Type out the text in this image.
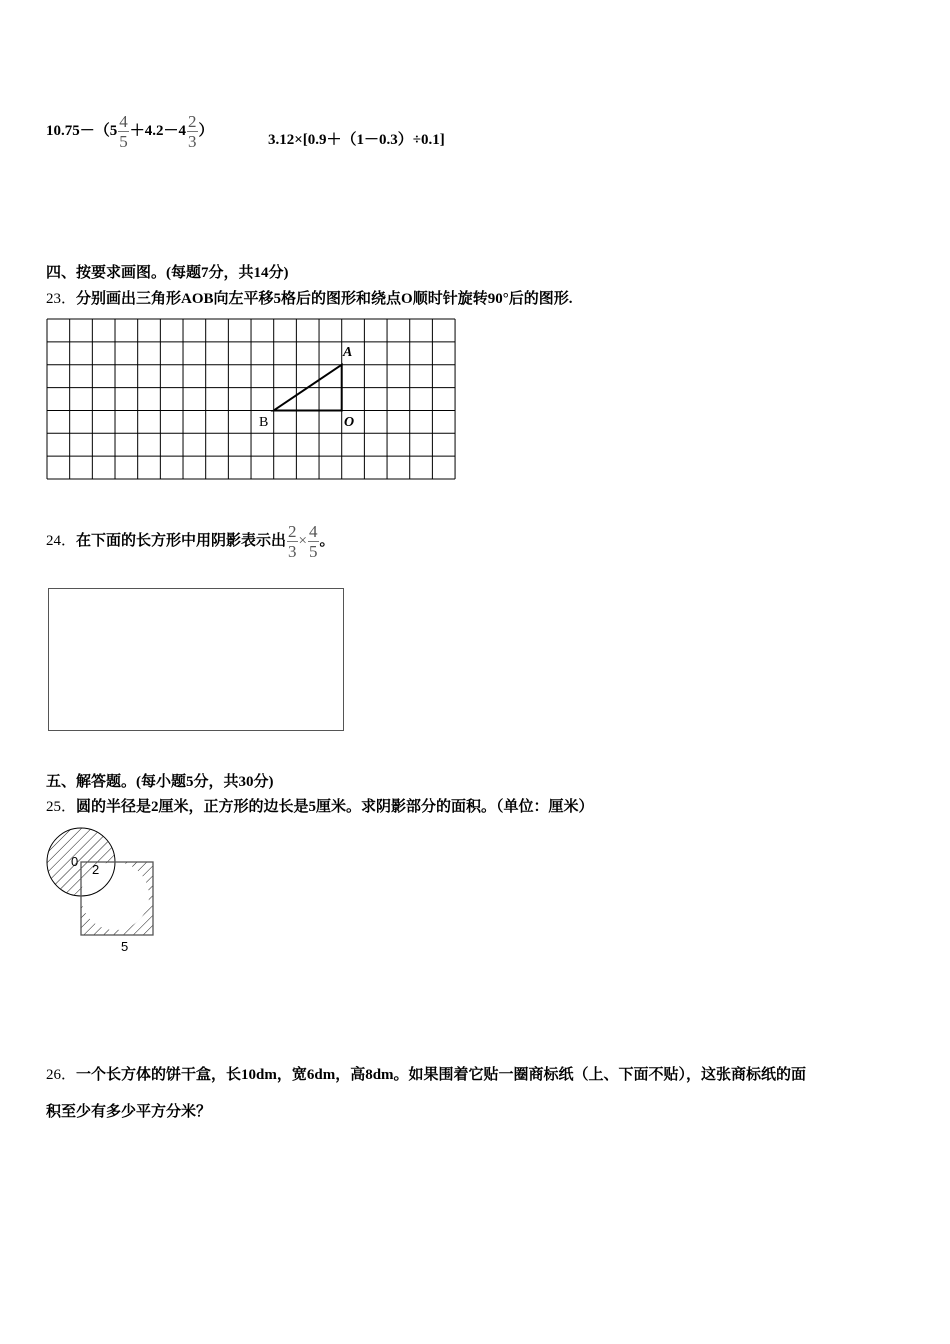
$10.75-(5 \frac{4}{5} +4.2-4 \frac{2}{3}$ ）
3.12×[0.9＋（1－0.3）÷0.1]
四、按要求画图。(每题7分，共14分)
23．分别画出三角形AOB向左平移5格后的图形和绕点O顺时针旋转90°后的图形.
A
B	O
24．在下面的长方形中用阴影表示出 $\frac{2}{3} \times \frac{4}{5}$ 。
五、解答题。(每小题5分，共30分)
25．圆的半径是2厘米，正方形的边长是5厘米。求阴影部分的面积。（单位：厘米）
0
2
5
26．一个长方体的饼干盒，长10dm，宽6dm，高8dm。如果围着它贴一圈商标纸（上、下面不贴），这张商标纸的面
积至少有多少平方分米？
